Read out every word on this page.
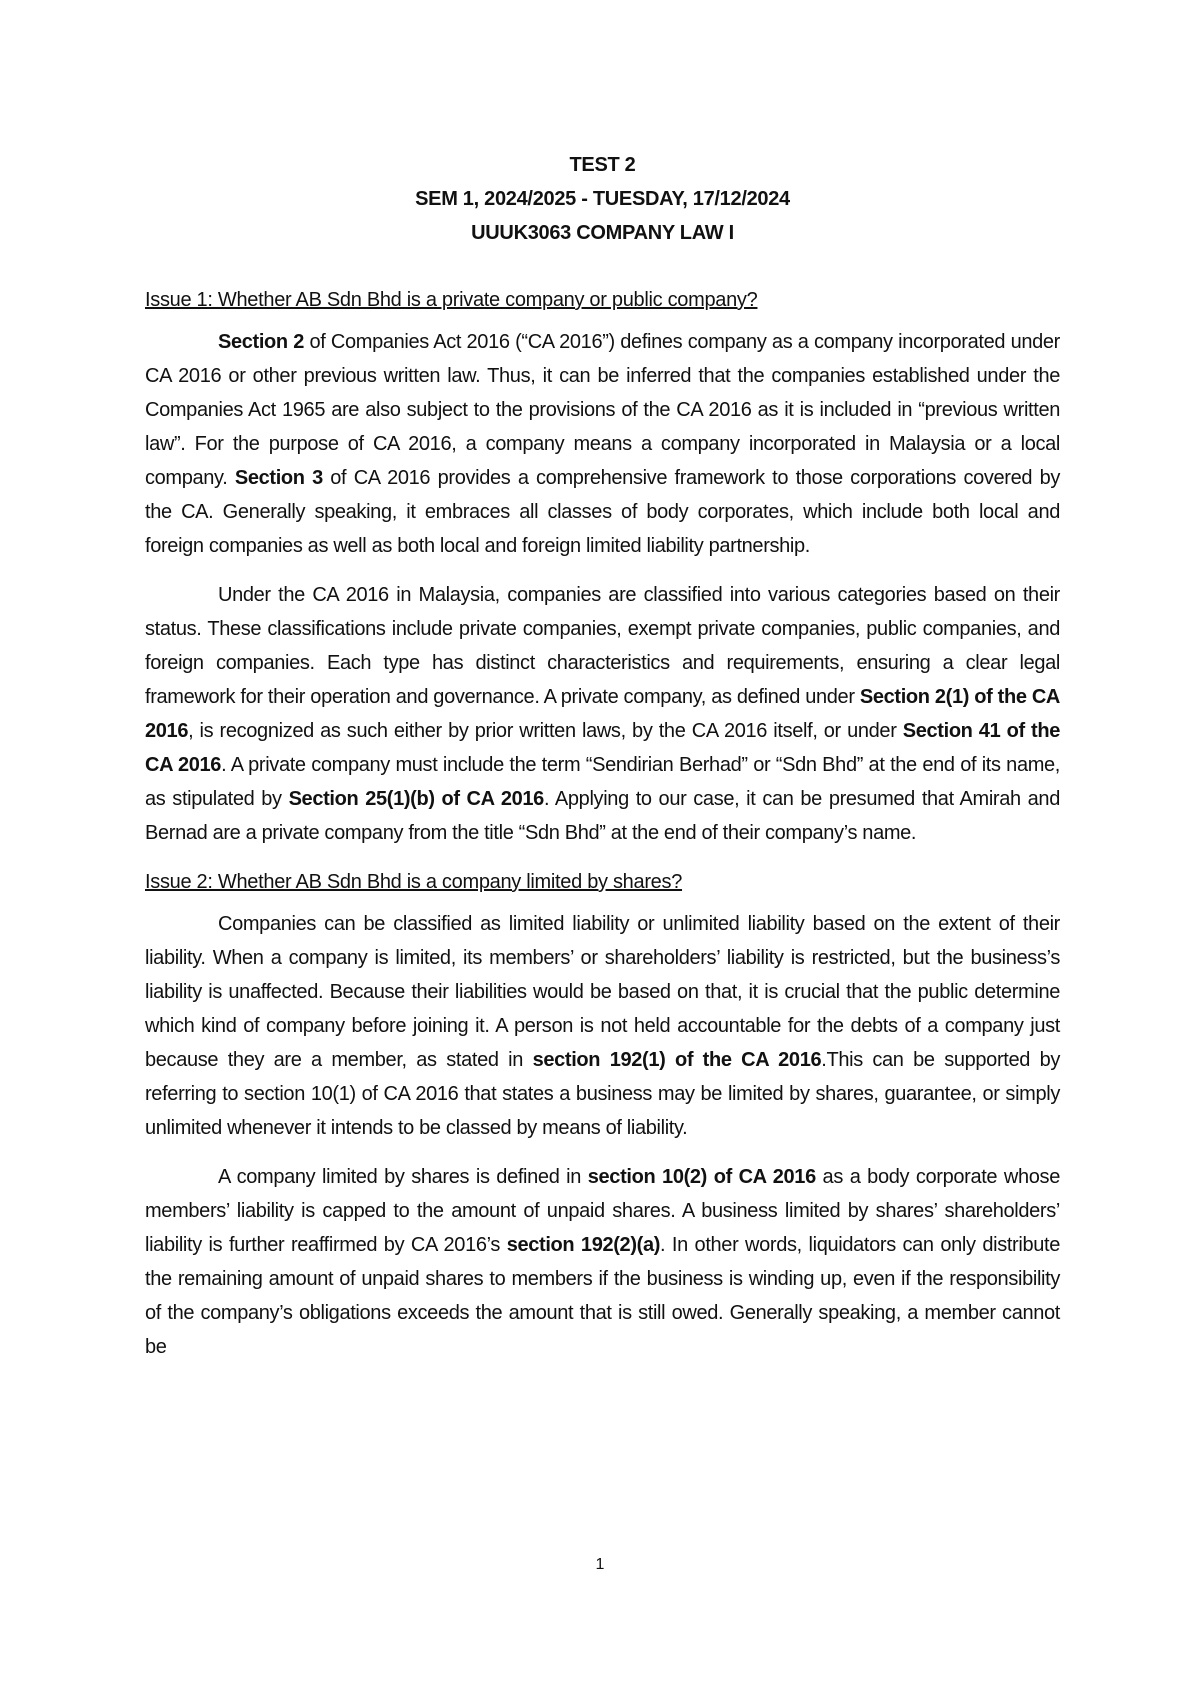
TEST 2
SEM 1, 2024/2025 - TUESDAY, 17/12/2024
UUUK3063 COMPANY LAW I
Issue 1: Whether AB Sdn Bhd is a private company or public company?

Section 2 of Companies Act 2016 (“CA 2016”) defines company as a company incorporated under CA 2016 or other previous written law. Thus, it can be inferred that the companies established under the Companies Act 1965 are also subject to the provisions of the CA 2016 as it is included in “previous written law”. For the purpose of CA 2016, a company means a company incorporated in Malaysia or a local company. Section 3 of CA 2016 provides a comprehensive framework to those corporations covered by the CA. Generally speaking, it embraces all classes of body corporates, which include both local and foreign companies as well as both local and foreign limited liability partnership.

Under the CA 2016 in Malaysia, companies are classified into various categories based on their status. These classifications include private companies, exempt private companies, public companies, and foreign companies. Each type has distinct characteristics and requirements, ensuring a clear legal framework for their operation and governance. A private company, as defined under Section 2(1) of the CA 2016, is recognized as such either by prior written laws, by the CA 2016 itself, or under Section 41 of the CA 2016. A private company must include the term “Sendirian Berhad” or “Sdn Bhd” at the end of its name, as stipulated by Section 25(1)(b) of CA 2016. Applying to our case, it can be presumed that Amirah and Bernad are a private company from the title “Sdn Bhd” at the end of their company’s name.

Issue 2: Whether AB Sdn Bhd is a company limited by shares?

Companies can be classified as limited liability or unlimited liability based on the extent of their liability. When a company is limited, its members’ or shareholders’ liability is restricted, but the business’s liability is unaffected. Because their liabilities would be based on that, it is crucial that the public determine which kind of company before joining it. A person is not held accountable for the debts of a company just because they are a member, as stated in section 192(1) of the CA 2016.This can be supported by referring to section 10(1) of CA 2016 that states a business may be limited by shares, guarantee, or simply unlimited whenever it intends to be classed by means of liability.

A company limited by shares is defined in section 10(2) of CA 2016 as a body corporate whose members’ liability is capped to the amount of unpaid shares. A business limited by shares’ shareholders’ liability is further reaffirmed by CA 2016’s section 192(2)(a). In other words, liquidators can only distribute the remaining amount of unpaid shares to members if the business is winding up, even if the responsibility of the company’s obligations exceeds the amount that is still owed. Generally speaking, a member cannot be

1
